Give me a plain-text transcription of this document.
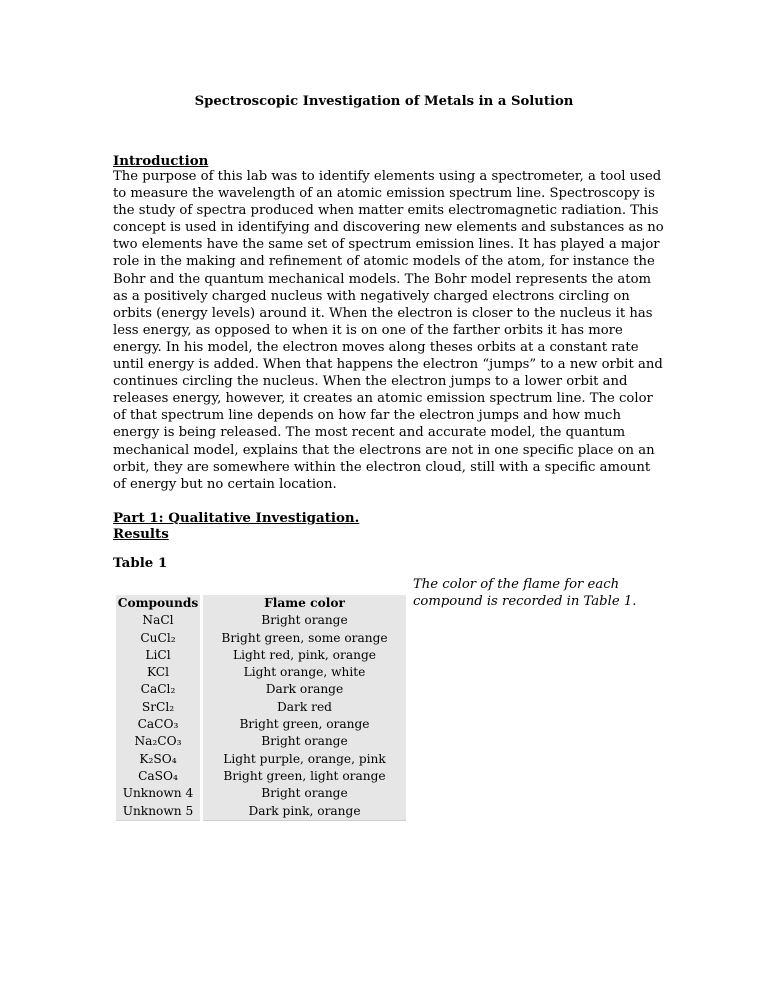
Spectroscopic Investigation of Metals in a Solution
Introduction

The purpose of this lab was to identify elements using a spectrometer, a tool used to measure the wavelength of an atomic emission spectrum line. Spectroscopy is the study of spectra produced when matter emits electromagnetic radiation. This concept is used in identifying and discovering new elements and substances as no two elements have the same set of spectrum emission lines. It has played a major role in the making and refinement of atomic models of the atom, for instance the Bohr and the quantum mechanical models. The Bohr model represents the atom as a positively charged nucleus with negatively charged electrons circling on orbits (energy levels) around it. When the electron is closer to the nucleus it has less energy, as opposed to when it is on one of the farther orbits it has more energy. In his model, the electron moves along theses orbits at a constant rate until energy is added. When that happens the electron “jumps” to a new orbit and continues circling the nucleus. When the electron jumps to a lower orbit and releases energy, however, it creates an atomic emission spectrum line. The color of that spectrum line depends on how far the electron jumps and how much energy is being released. The most recent and accurate model, the quantum mechanical model, explains that the electrons are not in one specific place on an orbit, they are somewhere within the electron cloud, still with a specific amount of energy but no certain location.

Part 1: Qualitative Investigation.
Results
Table 1

The color of the flame for each compound is recorded in Table 1.

Compounds	Flame color
NaCl	Bright orange
CuCl₂	Bright green, some orange
LiCl	Light red, pink, orange
KCl	Light orange, white
CaCl₂	Dark orange
SrCl₂	Dark red
CaCO₃	Bright green, orange
Na₂CO₃	Bright orange
K₂SO₄	Light purple, orange, pink
CaSO₄	Bright green, light orange
Unknown 4	Bright orange
Unknown 5	Dark pink, orange
